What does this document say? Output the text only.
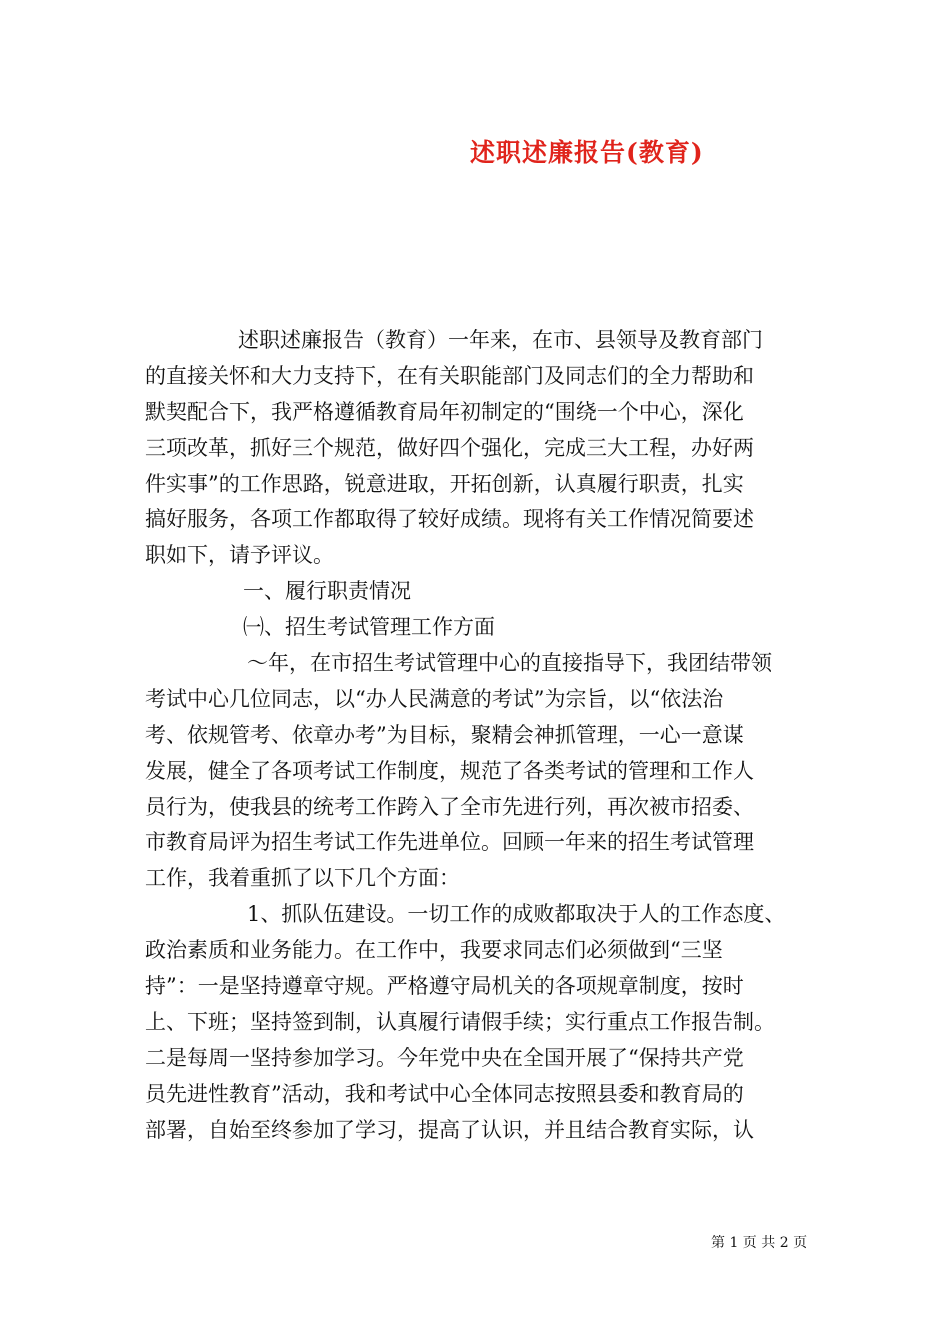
述职述廉报告(教育)
述职述廉报告（教育）一年来，在市、县领导及教育部门
的直接关怀和大力支持下，在有关职能部门及同志们的全力帮助和
默契配合下，我严格遵循教育局年初制定的“围绕一个中心，深化
三项改革，抓好三个规范，做好四个强化，完成三大工程，办好两
件实事”的工作思路，锐意进取，开拓创新，认真履行职责，扎实
搞好服务，各项工作都取得了较好成绩。现将有关工作情况简要述
职如下，请予评议。
一、履行职责情况
㈠、招生考试管理工作方面
～年，在市招生考试管理中心的直接指导下，我团结带领
考试中心几位同志，以“办人民满意的考试”为宗旨，以“依法治
考、依规管考、依章办考”为目标，聚精会神抓管理，一心一意谋
发展，健全了各项考试工作制度，规范了各类考试的管理和工作人
员行为，使我县的统考工作跨入了全市先进行列，再次被市招委、
市教育局评为招生考试工作先进单位。回顾一年来的招生考试管理
工作，我着重抓了以下几个方面：
1、抓队伍建设。一切工作的成败都取决于人的工作态度、
政治素质和业务能力。在工作中，我要求同志们必须做到“三坚
持”：一是坚持遵章守规。严格遵守局机关的各项规章制度，按时
上、下班；坚持签到制，认真履行请假手续；实行重点工作报告制。
二是每周一坚持参加学习。今年党中央在全国开展了“保持共产党
员先进性教育”活动，我和考试中心全体同志按照县委和教育局的
部署，自始至终参加了学习，提高了认识，并且结合教育实际，认
第 1 页 共 2 页
